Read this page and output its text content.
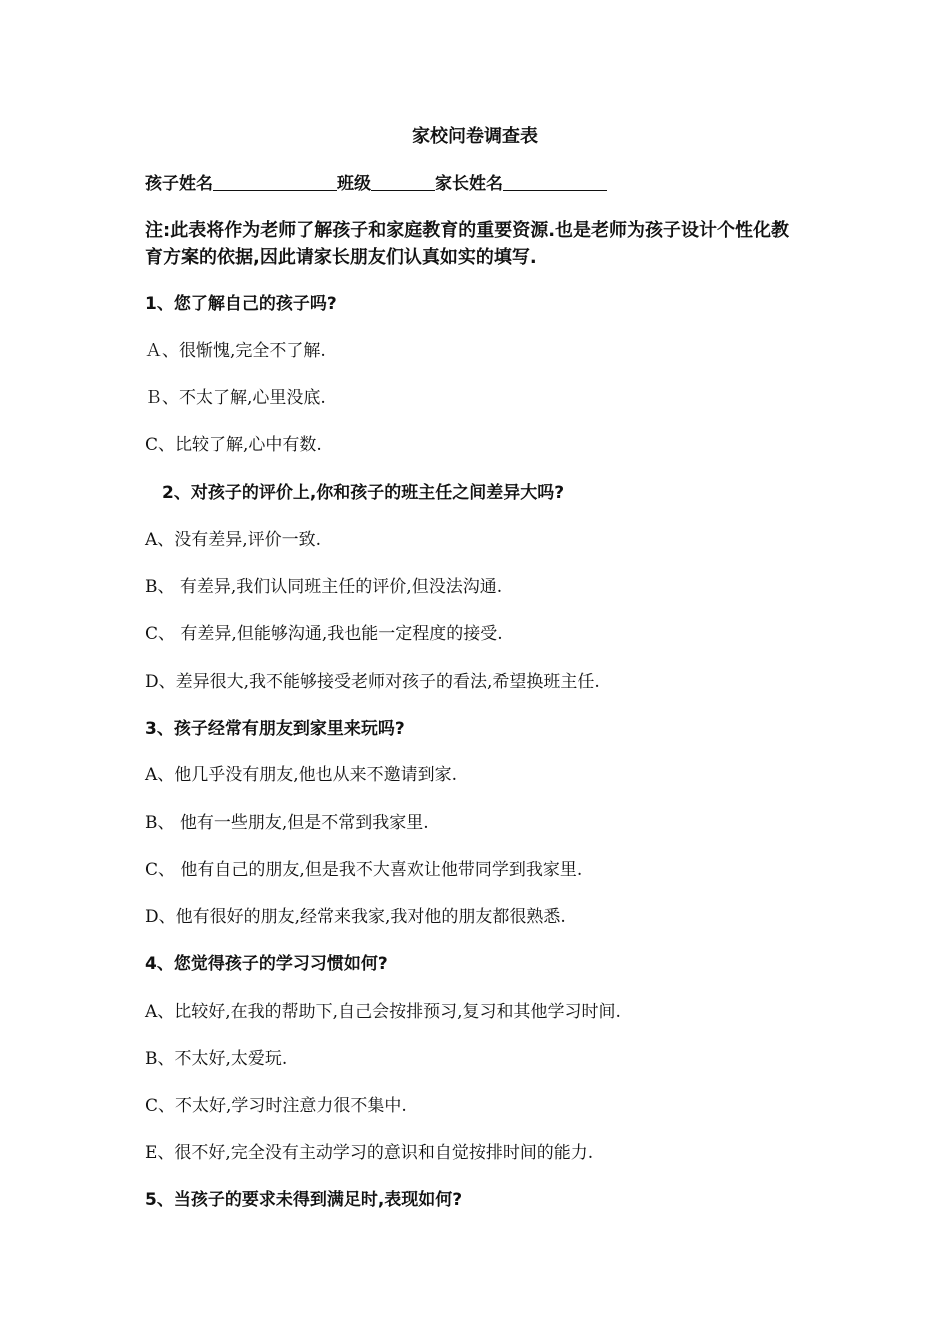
家校问卷调查表
孩子姓名	班级	家长姓名
注:此表将作为老师了解孩子和家庭教育的重要资源.也是老师为孩子设计个性化教育方案的依据,因此请家长朋友们认真如实的填写.
1、您了解自己的孩子吗?
Ａ、很惭愧,完全不了解.
Ｂ、不太了解,心里没底.
C、比较了解,心中有数.
2、对孩子的评价上,你和孩子的班主任之间差异大吗?
A、没有差异,评价一致.
B、 有差异,我们认同班主任的评价,但没法沟通.
C、 有差异,但能够沟通,我也能一定程度的接受.
D、差异很大,我不能够接受老师对孩子的看法,希望换班主任.
3、孩子经常有朋友到家里来玩吗?
A、他几乎没有朋友,他也从来不邀请到家.
B、 他有一些朋友,但是不常到我家里.
C、 他有自己的朋友,但是我不大喜欢让他带同学到我家里.
D、他有很好的朋友,经常来我家,我对他的朋友都很熟悉.
4、您觉得孩子的学习习惯如何?
A、比较好,在我的帮助下,自己会按排预习,复习和其他学习时间.
B、不太好,太爱玩.
C、不太好,学习时注意力很不集中.
E、很不好,完全没有主动学习的意识和自觉按排时间的能力.
5、当孩子的要求未得到满足时,表现如何?
